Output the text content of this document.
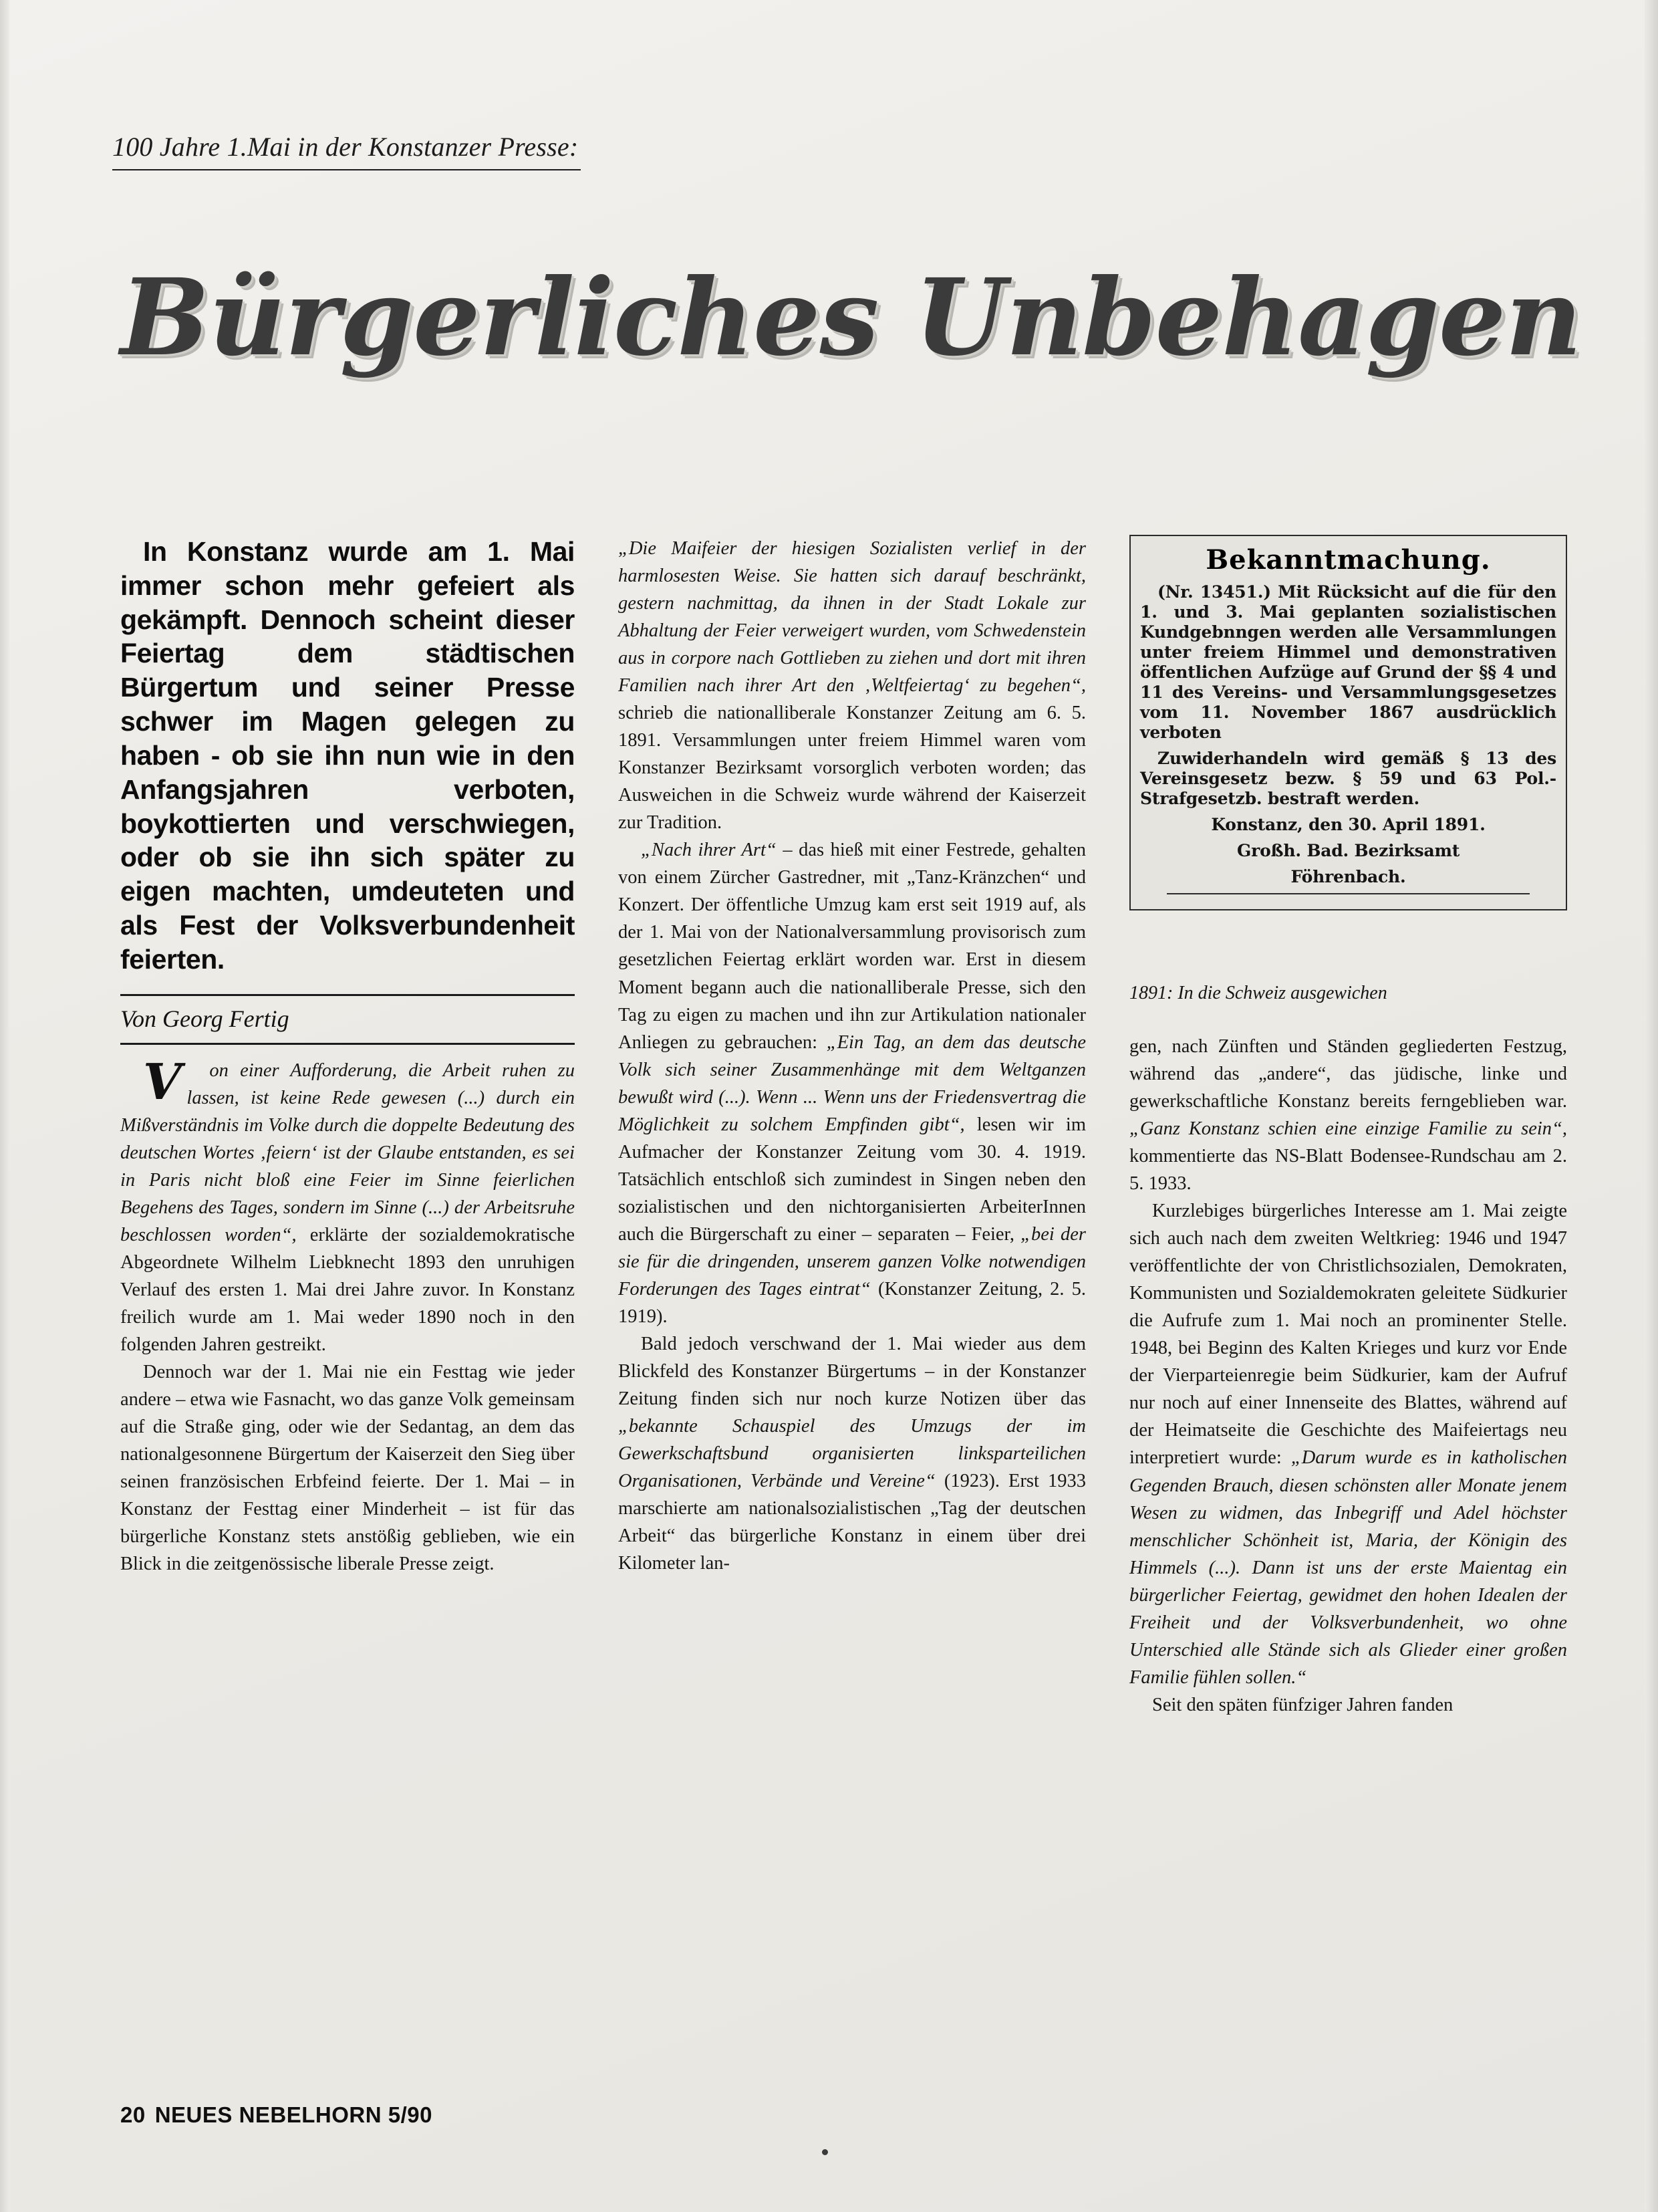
100 Jahre 1.Mai in der Konstanzer Presse:
Bürgerliches Unbehagen
In Konstanz wurde am 1. Mai immer schon mehr gefeiert als gekämpft. Dennoch scheint dieser Feiertag dem städtischen Bürgertum und seiner Presse schwer im Magen gelegen zu haben - ob sie ihn nun wie in den Anfangsjahren verboten, boykottierten und verschwiegen, oder ob sie ihn sich später zu eigen machten, umdeuteten und als Fest der Volksverbundenheit feierten.
Von Georg Fertig

V on einer Aufforderung, die Arbeit ruhen zu lassen, ist keine Rede gewesen (...) durch ein Mißverständnis im Volke durch die doppelte Bedeutung des deutschen Wortes ‚feiern‘ ist der Glaube entstanden, es sei in Paris nicht bloß eine Feier im Sinne feierlichen Begehens des Tages, sondern im Sinne (...) der Arbeitsruhe beschlossen worden“, erklärte der sozialdemokratische Abgeordnete Wilhelm Liebknecht 1893 den unruhigen Verlauf des ersten 1. Mai drei Jahre zuvor. In Konstanz freilich wurde am 1. Mai weder 1890 noch in den folgenden Jahren gestreikt.

Dennoch war der 1. Mai nie ein Festtag wie jeder andere – etwa wie Fasnacht, wo das ganze Volk gemeinsam auf die Straße ging, oder wie der Sedantag, an dem das nationalgesonnene Bürgertum der Kaiserzeit den Sieg über seinen französischen Erbfeind feierte. Der 1. Mai – in Konstanz der Festtag einer Minderheit – ist für das bürgerliche Konstanz stets anstößig geblieben, wie ein Blick in die zeitgenössische liberale Presse zeigt.

„Die Maifeier der hiesigen Sozialisten verlief in der harmlosesten Weise. Sie hatten sich darauf beschränkt, gestern nachmittag, da ihnen in der Stadt Lokale zur Abhaltung der Feier verweigert wurden, vom Schwedenstein aus in corpore nach Gottlieben zu ziehen und dort mit ihren Familien nach ihrer Art den ‚Weltfeiertag‘ zu begehen“, schrieb die nationalliberale Konstanzer Zeitung am 6. 5. 1891. Versammlungen unter freiem Himmel waren vom Konstanzer Bezirksamt vorsorglich verboten worden; das Ausweichen in die Schweiz wurde während der Kaiserzeit zur Tradition.

„Nach ihrer Art“ – das hieß mit einer Festrede, gehalten von einem Zürcher Gastredner, mit „Tanz-Kränzchen“ und Konzert. Der öffentliche Umzug kam erst seit 1919 auf, als der 1. Mai von der Nationalversammlung provisorisch zum gesetzlichen Feiertag erklärt worden war. Erst in diesem Moment begann auch die nationalliberale Presse, sich den Tag zu eigen zu machen und ihn zur Artikulation nationaler Anliegen zu gebrauchen: „Ein Tag, an dem das deutsche Volk sich seiner Zusammenhänge mit dem Weltganzen bewußt wird (...). Wenn ... Wenn uns der Friedensvertrag die Möglichkeit zu solchem Empfinden gibt“, lesen wir im Aufmacher der Konstanzer Zeitung vom 30. 4. 1919. Tatsächlich entschloß sich zumindest in Singen neben den sozialistischen und den nichtorganisierten ArbeiterInnen auch die Bürgerschaft zu einer – separaten – Feier, „bei der sie für die dringenden, unserem ganzen Volke notwendigen Forderungen des Tages eintrat“ (Konstanzer Zeitung, 2. 5. 1919).

Bald jedoch verschwand der 1. Mai wieder aus dem Blickfeld des Konstanzer Bürgertums – in der Konstanzer Zeitung finden sich nur noch kurze Notizen über das „bekannte Schauspiel des Umzugs der im Gewerkschaftsbund organisierten linksparteilichen Organisationen, Verbände und Vereine“ (1923). Erst 1933 marschierte am nationalsozialistischen „Tag der deutschen Arbeit“ das bürgerliche Konstanz in einem über drei Kilometer lan-

Bekanntmachung.

(Nr. 13451.) Mit Rücksicht auf die für den 1. und 3. Mai geplanten sozialistischen Kundgebnngen werden alle Versammlungen unter freiem Himmel und demonstrativen öffentlichen Aufzüge auf Grund der §§ 4 und 11 des Vereins- und Versammlungsgesetzes vom 11. November 1867 ausdrücklich verboten

Zuwiderhandeln wird gemäß § 13 des Vereinsgesetz bezw. § 59 und 63 Pol.-Strafgesetzb. bestraft werden.

Konstanz, den 30. April 1891.

Großh. Bad. Bezirksamt

Föhrenbach.

1891: In die Schweiz ausgewichen

gen, nach Zünften und Ständen gegliederten Festzug, während das „andere“, das jüdische, linke und gewerkschaftliche Konstanz bereits ferngeblieben war. „Ganz Konstanz schien eine einzige Familie zu sein“, kommentierte das NS-Blatt Bodensee-Rundschau am 2. 5. 1933.

Kurzlebiges bürgerliches Interesse am 1. Mai zeigte sich auch nach dem zweiten Weltkrieg: 1946 und 1947 veröffentlichte der von Christlichsozialen, Demokraten, Kommunisten und Sozialdemokraten geleitete Südkurier die Aufrufe zum 1. Mai noch an prominenter Stelle. 1948, bei Beginn des Kalten Krieges und kurz vor Ende der Vierparteienregie beim Südkurier, kam der Aufruf nur noch auf einer Innenseite des Blattes, während auf der Heimatseite die Geschichte des Maifeiertags neu interpretiert wurde: „Darum wurde es in katholischen Gegenden Brauch, diesen schönsten aller Monate jenem Wesen zu widmen, das Inbegriff und Adel höchster menschlicher Schönheit ist, Maria, der Königin des Himmels (...). Dann ist uns der erste Maientag ein bürgerlicher Feiertag, gewidmet den hohen Idealen der Freiheit und der Volksverbundenheit, wo ohne Unterschied alle Stände sich als Glieder einer großen Familie fühlen sollen.“

Seit den späten fünfziger Jahren fanden

20 NEUES NEBELHORN 5/90
